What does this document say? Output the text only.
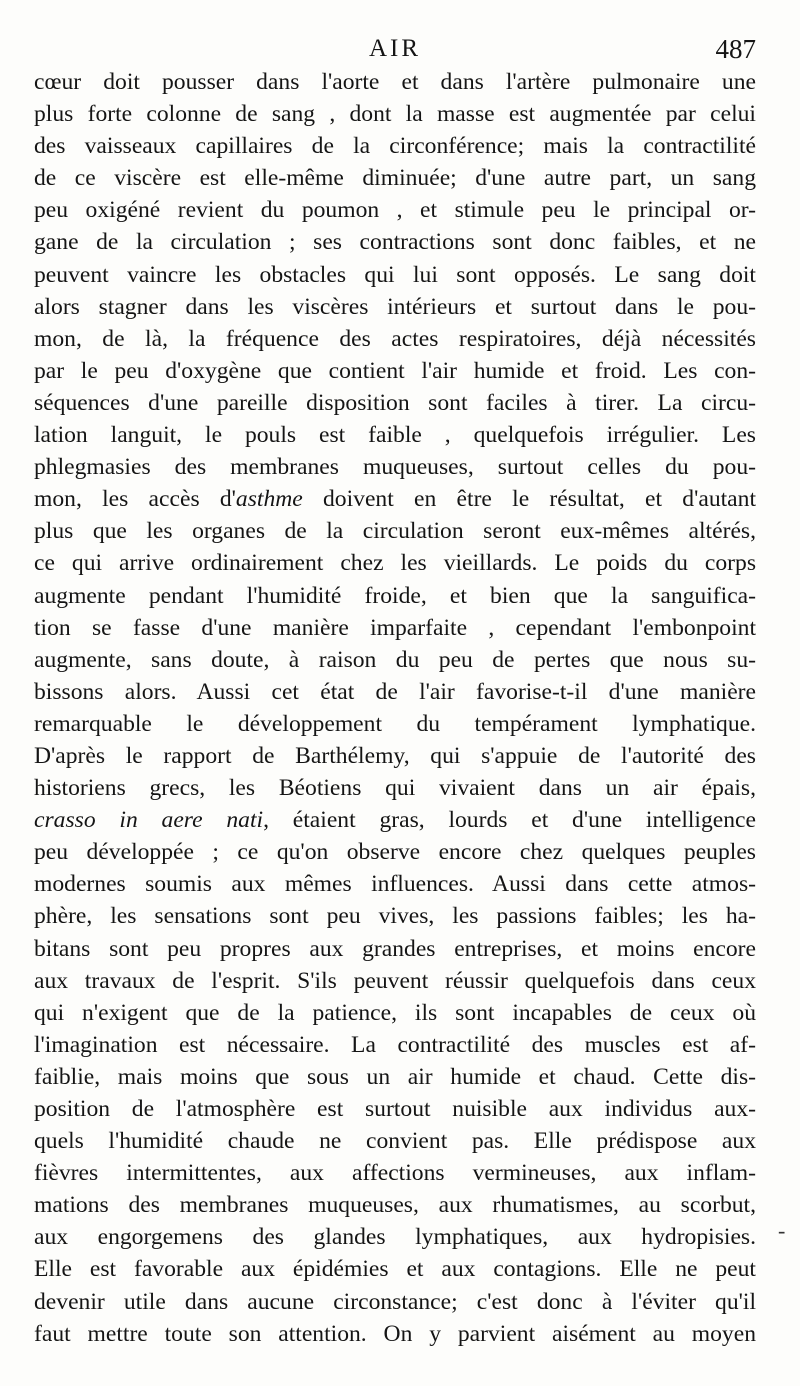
AIR	487
cœur doit pousser dans l'aorte et dans l'artère pulmonaire une
plus forte colonne de sang , dont la masse est augmentée par celui
des vaisseaux capillaires de la circonférence; mais la contractilité
de ce viscère est elle-même diminuée; d'une autre part, un sang
peu oxigéné revient du poumon , et stimule peu le principal or-
gane de la circulation ; ses contractions sont donc faibles, et ne
peuvent vaincre les obstacles qui lui sont opposés. Le sang doit
alors stagner dans les viscères intérieurs et surtout dans le pou-
mon, de là, la fréquence des actes respiratoires, déjà nécessités
par le peu d'oxygène que contient l'air humide et froid. Les con-
séquences d'une pareille disposition sont faciles à tirer. La circu-
lation languit, le pouls est faible , quelquefois irrégulier. Les
phlegmasies des membranes muqueuses, surtout celles du pou-
mon, les accès d'asthme doivent en être le résultat, et d'autant
plus que les organes de la circulation seront eux-mêmes altérés,
ce qui arrive ordinairement chez les vieillards. Le poids du corps
augmente pendant l'humidité froide, et bien que la sanguifica-
tion se fasse d'une manière imparfaite , cependant l'embonpoint
augmente, sans doute, à raison du peu de pertes que nous su-
bissons alors. Aussi cet état de l'air favorise-t-il d'une manière
remarquable le développement du tempérament lymphatique.
D'après le rapport de Barthélemy, qui s'appuie de l'autorité des
historiens grecs, les Béotiens qui vivaient dans un air épais,
crasso in aere nati, étaient gras, lourds et d'une intelligence
peu développée ; ce qu'on observe encore chez quelques peuples
modernes soumis aux mêmes influences. Aussi dans cette atmos-
phère, les sensations sont peu vives, les passions faibles; les ha-
bitans sont peu propres aux grandes entreprises, et moins encore
aux travaux de l'esprit. S'ils peuvent réussir quelquefois dans ceux
qui n'exigent que de la patience, ils sont incapables de ceux où
l'imagination est nécessaire. La contractilité des muscles est af-
faiblie, mais moins que sous un air humide et chaud. Cette dis-
position de l'atmosphère est surtout nuisible aux individus aux-
quels l'humidité chaude ne convient pas. Elle prédispose aux
fièvres intermittentes, aux affections vermineuses, aux inflam-
mations des membranes muqueuses, aux rhumatismes, au scorbut,
aux engorgemens des glandes lymphatiques, aux hydropisies.
Elle est favorable aux épidémies et aux contagions. Elle ne peut
devenir utile dans aucune circonstance; c'est donc à l'éviter qu'il
faut mettre toute son attention. On y parvient aisément au moyen
-
